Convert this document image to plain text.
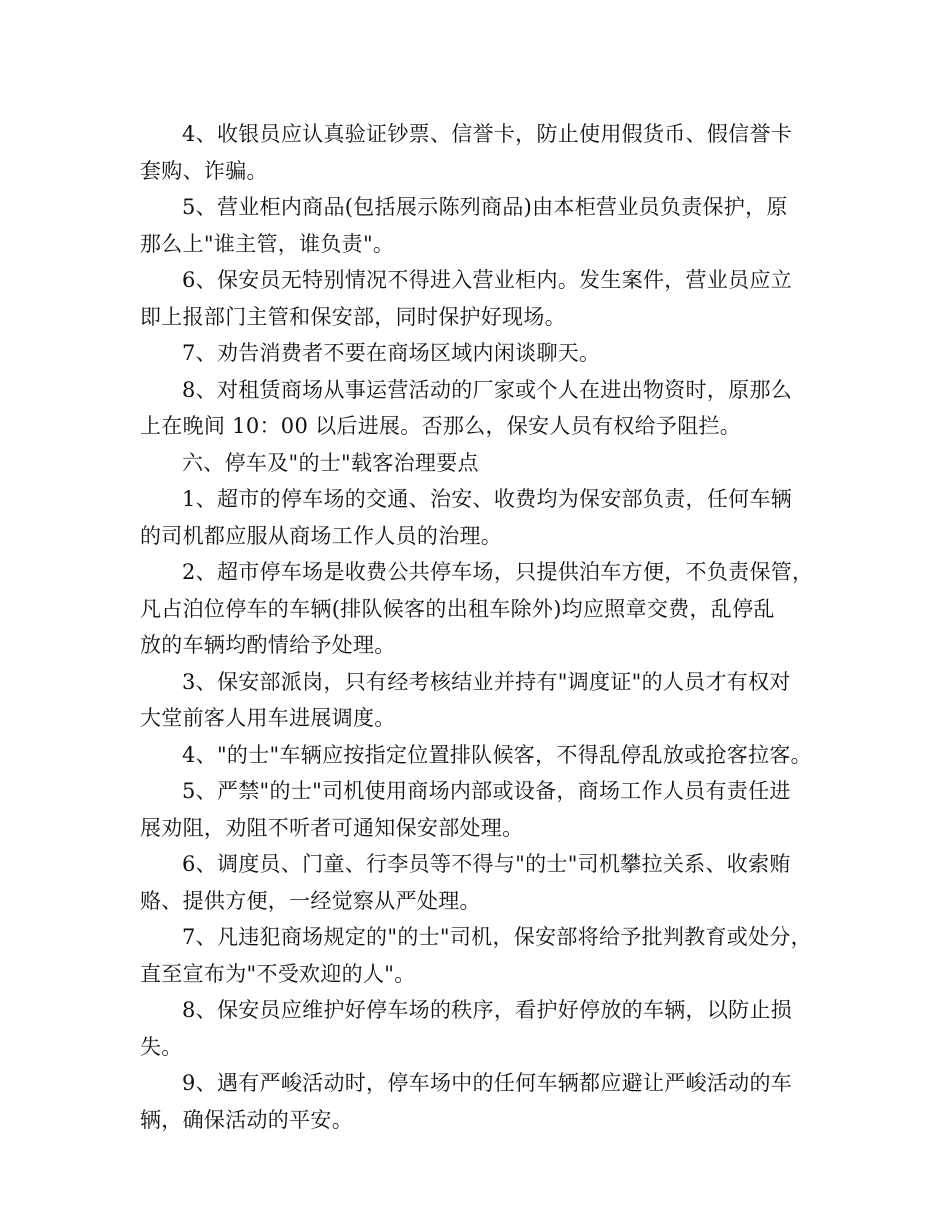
4、收银员应认真验证钞票、信誉卡，防止使用假货币、假信誉卡
套购、诈骗。

5、营业柜内商品(包括展示陈列商品)由本柜营业员负责保护，原
那么上"谁主管，谁负责"。

6、保安员无特别情况不得进入营业柜内。发生案件，营业员应立
即上报部门主管和保安部，同时保护好现场。

7、劝告消费者不要在商场区域内闲谈聊天。

8、对租赁商场从事运营活动的厂家或个人在进出物资时，原那么
上在晚间 10：00 以后进展。否那么，保安人员有权给予阻拦。

六、停车及"的士"载客治理要点

1、超市的停车场的交通、治安、收费均为保安部负责，任何车辆
的司机都应服从商场工作人员的治理。

2、超市停车场是收费公共停车场，只提供泊车方便，不负责保管，
凡占泊位停车的车辆(排队候客的出租车除外)均应照章交费，乱停乱
放的车辆均酌情给予处理。

3、保安部派岗，只有经考核结业并持有"调度证"的人员才有权对
大堂前客人用车进展调度。

4、"的士"车辆应按指定位置排队候客，不得乱停乱放或抢客拉客。

5、严禁"的士"司机使用商场内部或设备，商场工作人员有责任进
展劝阻，劝阻不听者可通知保安部处理。

6、调度员、门童、行李员等不得与"的士"司机攀拉关系、收索贿
赂、提供方便，一经觉察从严处理。

7、凡违犯商场规定的"的士"司机，保安部将给予批判教育或处分，
直至宣布为"不受欢迎的人"。

8、保安员应维护好停车场的秩序，看护好停放的车辆，以防止损
失。

9、遇有严峻活动时，停车场中的任何车辆都应避让严峻活动的车
辆，确保活动的平安。
